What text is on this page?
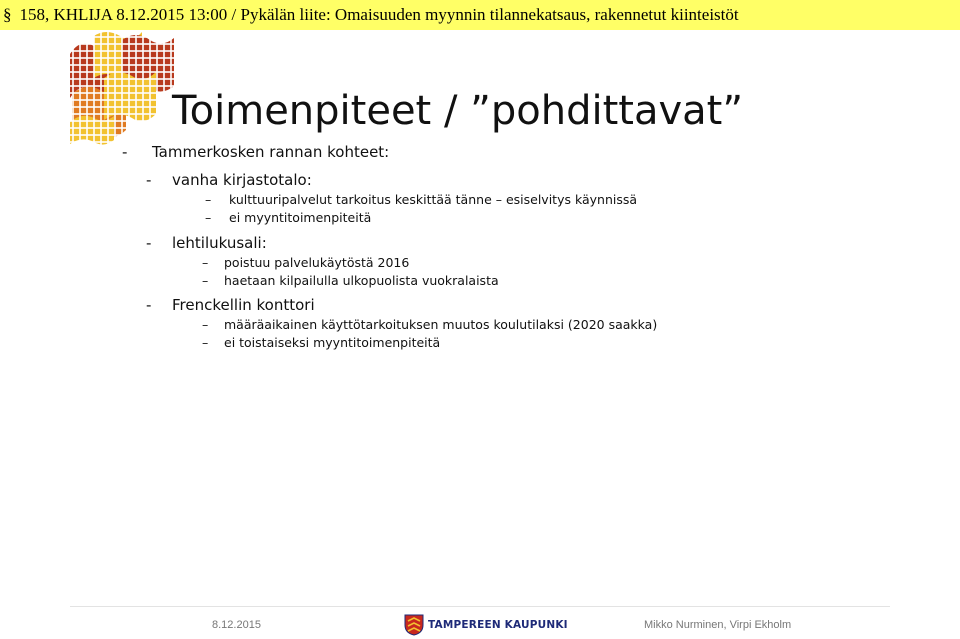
§ 158, KHLIJA 8.12.2015 13:00 / Pykälän liite: Omaisuuden myynnin tilannekatsaus, rakennetut kiinteistöt
Toimenpiteet / ”pohdittavat”
- Tammerkosken rannan kohteet:
- vanha kirjastotalo:
– kulttuuripalvelut tarkoitus keskittää tänne – esiselvitys käynnissä
– ei myyntitoimenpiteitä
- lehtilukusali:
– poistuu palvelukäytöstä 2016
– haetaan kilpailulla ulkopuolista vuokralaista
- Frenckellin konttori
– määräaikainen käyttötarkoituksen muutos koulutilaksi (2020 saakka)
– ei toistaiseksi myyntitoimenpiteitä
8.12.2015	TAMPEREEN KAUPUNKI	Mikko Nurminen, Virpi Ekholm
